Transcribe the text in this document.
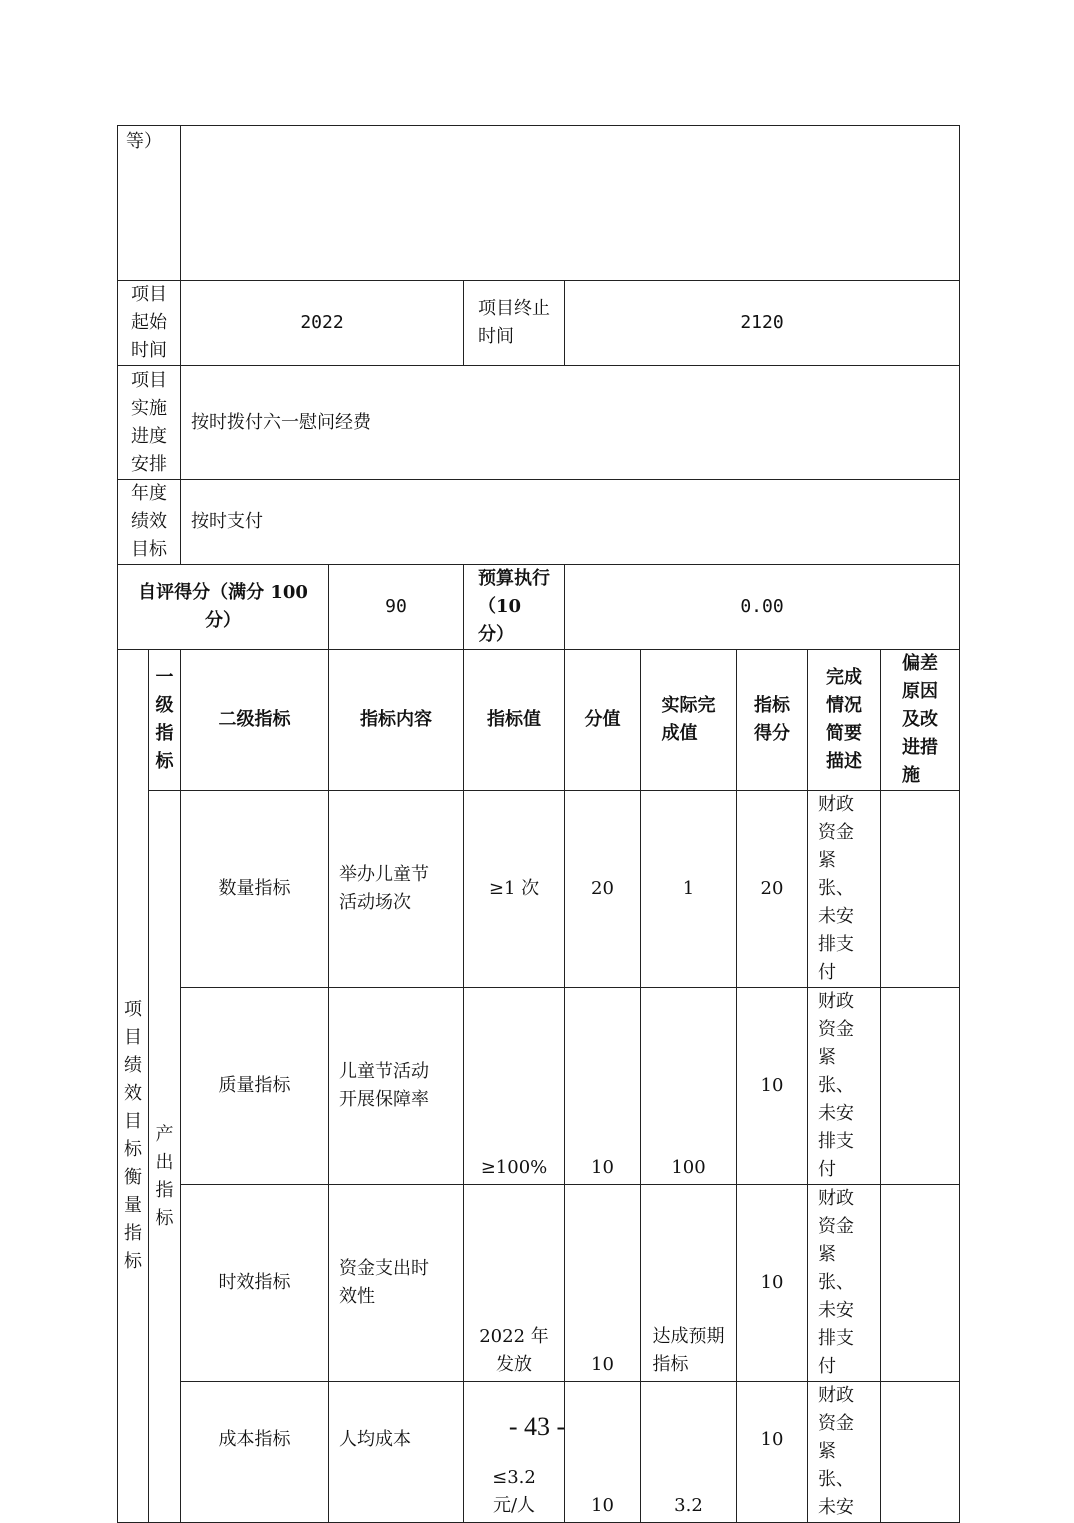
等）									
项目起始时间		2022		项目终止时间	2120				
项目实施进度安排		按时拨付六一慰问经费							
年度绩效目标		按时支付							
自评得分（满分 100 分）			90	预算执行（10 分）	0.00				

项目绩效目标衡量指标	一级指标	二级指标	指标内容	指标值	分值	实际完成值	指标得分	完成情况简要描述	偏差原因及改进措施

	产出指标	数量指标	举办儿童节活动场次	≥1 次	20	1	20	财政资金紧张、未安排支付	
		质量指标	儿童节活动开展保障率	≥100%	10	100	10	财政资金紧张、未安排支付	
		时效指标	资金支出时效性	2022 年发放	10	达成预期指标	10	财政资金紧张、未安排支付	
		成本指标	人均成本	≤3.2 元/人	10	3.2	10	财政资金紧张、未安	
- 43 -
